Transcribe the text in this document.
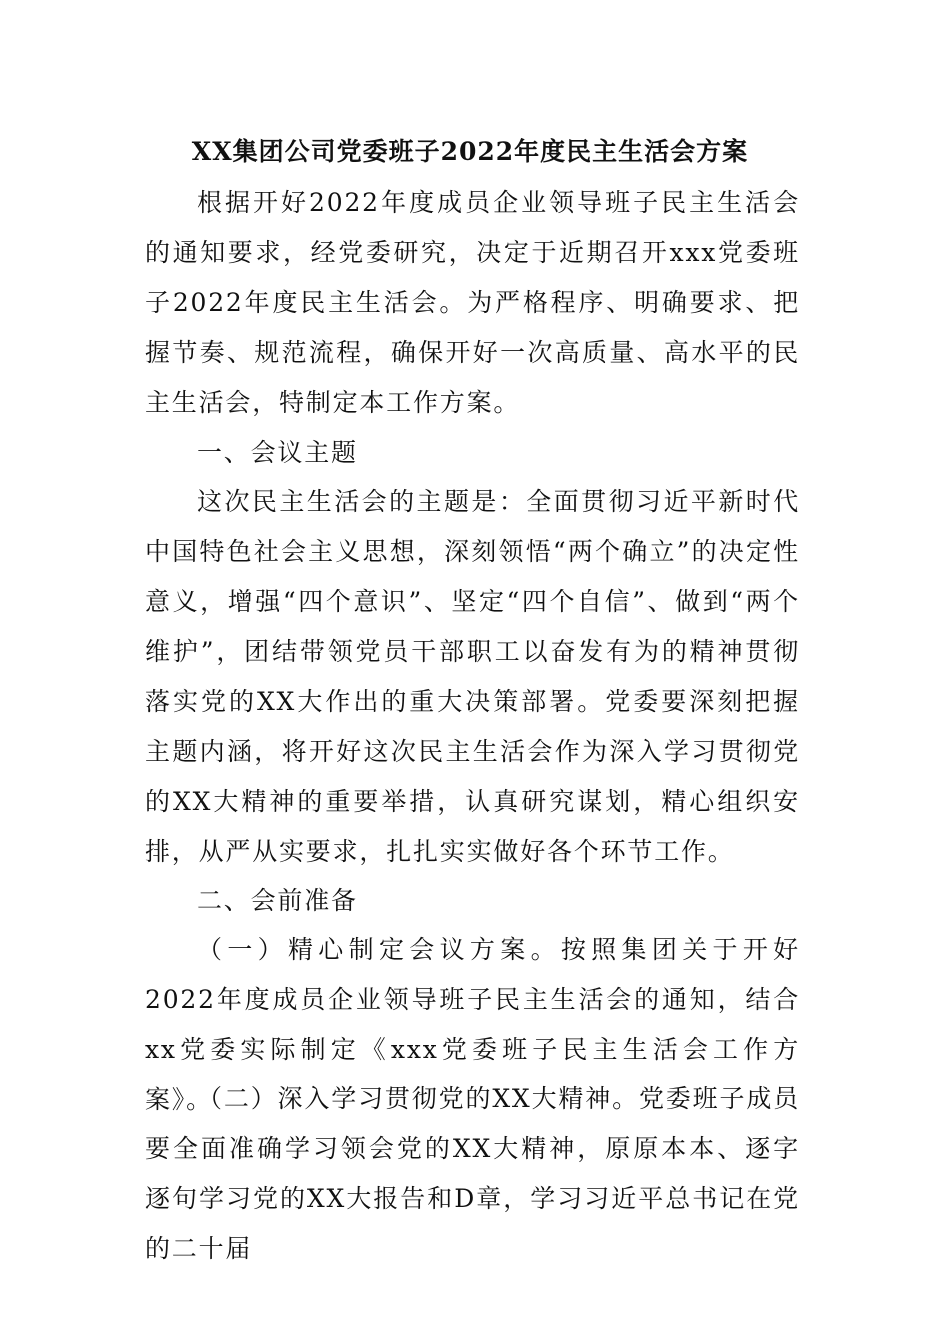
XX集团公司党委班子2022年度民主生活会方案

根据开好2022年度成员企业领导班子民主生活会的通知要求，经党委研究，决定于近期召开xxx党委班子2022年度民主生活会。为严格程序、明确要求、把握节奏、规范流程，确保开好一次高质量、高水平的民主生活会，特制定本工作方案。

一、会议主题

这次民主生活会的主题是：全面贯彻习近平新时代中国特色社会主义思想，深刻领悟“两个确立”的决定性意义，增强“四个意识”、坚定“四个自信”、做到“两个维护”，团结带领党员干部职工以奋发有为的精神贯彻落实党的XX大作出的重大决策部署。党委要深刻把握主题内涵，将开好这次民主生活会作为深入学习贯彻党的XX大精神的重要举措，认真研究谋划，精心组织安排，从严从实要求，扎扎实实做好各个环节工作。

二、会前准备

（一）精心制定会议方案。按照集团关于开好2022年度成员企业领导班子民主生活会的通知，结合xx党委实际制定《xxx党委班子民主生活会工作方案》。

（二）深入学习贯彻党的XX大精神。党委班子成员要全面准确学习领会党的XX大精神，原原本本、逐字逐句学习党的XX大报告和D章，学习习近平总书记在党的二十届
